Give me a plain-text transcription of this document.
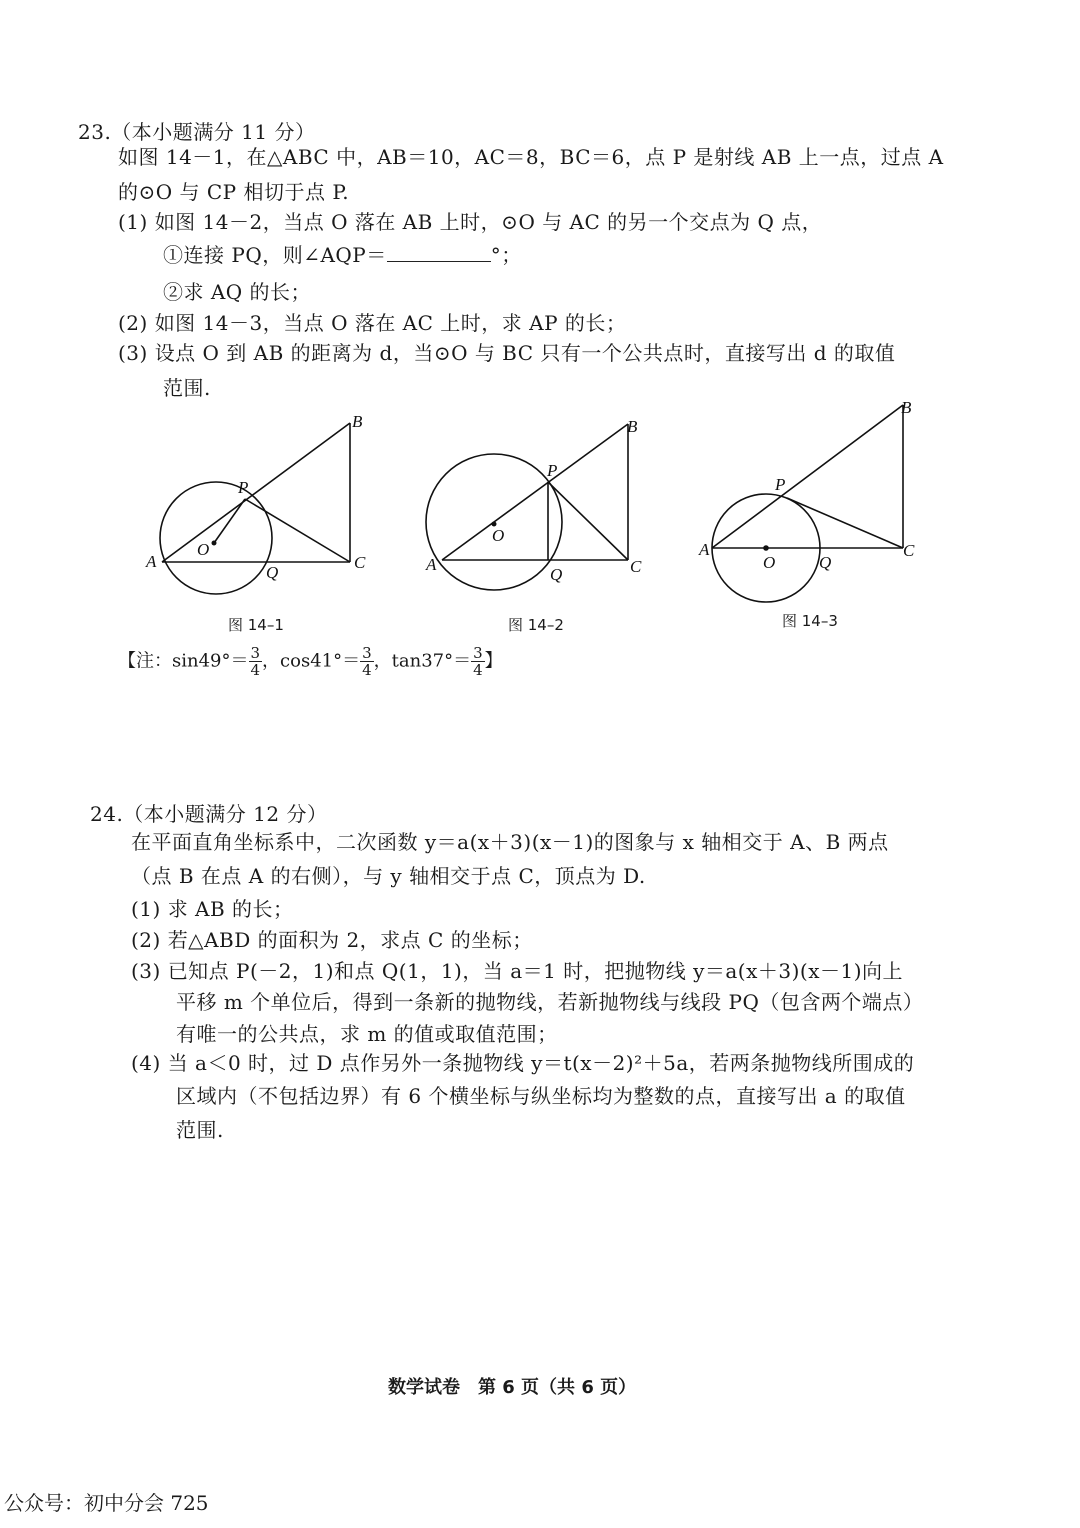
23.（本小题满分 11 分）
如图 14－1，在△ABC 中，AB＝10，AC＝8，BC＝6，点 P 是射线 AB 上一点，过点 A
的⊙O 与 CP 相切于点 P.
(1) 如图 14－2，当点 O 落在 AB 上时，⊙O 与 AC 的另一个交点为 Q 点，
①连接 PQ，则∠AQP＝	°；
②求 AQ 的长；
(2) 如图 14－3，当点 O 落在 AC 上时，求 AP 的长；
(3) 设点 O 到 AB 的距离为 d，当⊙O 与 BC 只有一个公共点时，直接写出 d 的取值
范围.
A
B
C
P
Q
O
图 14–1
A
B
C
P
Q
O
图 14–2
A
B
C
P
Q
O
图 14–3
【注：$\sin 49^\circ= \frac{3}{4}$ ，$\cos 41^\circ= \frac{3}{4}$ ，$\tan 37^\circ= \frac{3}{4}$ 】
24.（本小题满分 12 分）
在平面直角坐标系中，二次函数 y＝a(x＋3)(x－1)的图象与 x 轴相交于 A、B 两点
（点 B 在点 A 的右侧），与 y 轴相交于点 C，顶点为 D.
(1) 求 AB 的长；
(2) 若△ABD 的面积为 2，求点 C 的坐标；
(3) 已知点 P(－2，1)和点 Q(1，1)，当 a＝1 时，把抛物线 y＝a(x＋3)(x－1)向上
平移 m 个单位后，得到一条新的抛物线，若新抛物线与线段 PQ（包含两个端点）
有唯一的公共点，求 m 的值或取值范围；
(4) 当 a＜0 时，过 D 点作另外一条抛物线 y＝t(x－2)²＋5a，若两条抛物线所围成的
区域内（不包括边界）有 6 个横坐标与纵坐标均为整数的点，直接写出 a 的取值
范围.
数学试卷　第 6 页（共 6 页）
公众号：初中分会 725
